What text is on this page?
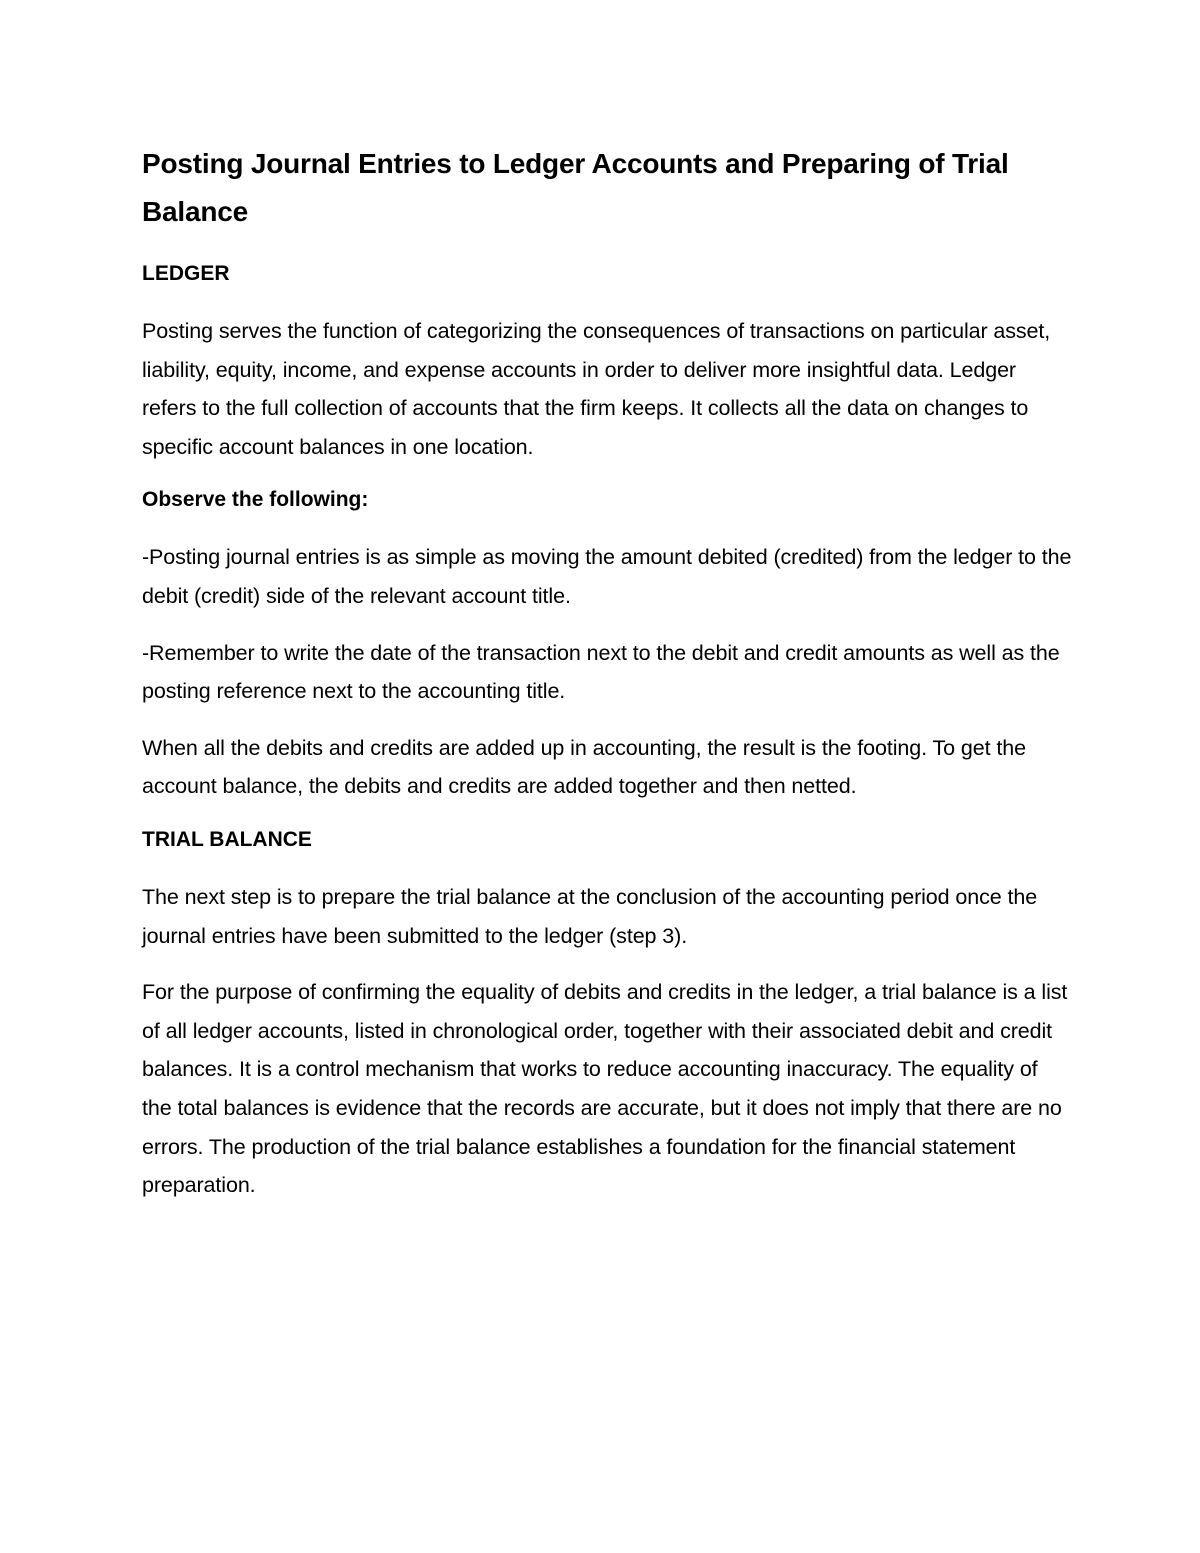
Posting Journal Entries to Ledger Accounts and Preparing of Trial Balance
LEDGER

Posting serves the function of categorizing the consequences of transactions on particular asset, liability, equity, income, and expense accounts in order to deliver more insightful data. Ledger refers to the full collection of accounts that the firm keeps. It collects all the data on changes to specific account balances in one location.

Observe the following:

-Posting journal entries is as simple as moving the amount debited (credited) from the ledger to the debit (credit) side of the relevant account title.

-Remember to write the date of the transaction next to the debit and credit amounts as well as the posting reference next to the accounting title.

When all the debits and credits are added up in accounting, the result is the footing. To get the account balance, the debits and credits are added together and then netted.

TRIAL BALANCE

The next step is to prepare the trial balance at the conclusion of the accounting period once the journal entries have been submitted to the ledger (step 3).

For the purpose of confirming the equality of debits and credits in the ledger, a trial balance is a list of all ledger accounts, listed in chronological order, together with their associated debit and credit balances. It is a control mechanism that works to reduce accounting inaccuracy. The equality of the total balances is evidence that the records are accurate, but it does not imply that there are no errors. The production of the trial balance establishes a foundation for the financial statement preparation.
